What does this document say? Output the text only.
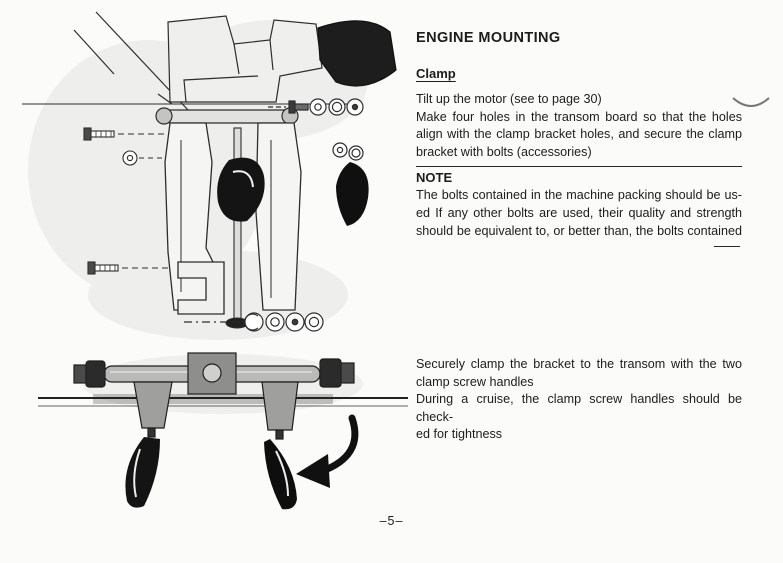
ENGINE MOUNTING
Clamp
Tilt up the motor (see to page 30)
Make four holes in the transom board so that the holes
align with the clamp bracket holes, and secure the clamp
bracket with bolts (accessories)
NOTE
The bolts contained in the machine packing should be us-
ed If any other bolts are used, their quality and strength
should be equivalent to, or better than, the bolts contained
Securely clamp the bracket to the transom with the two
clamp screw handles
During a cruise, the clamp screw handles should be check-
ed for tightness
–5–
